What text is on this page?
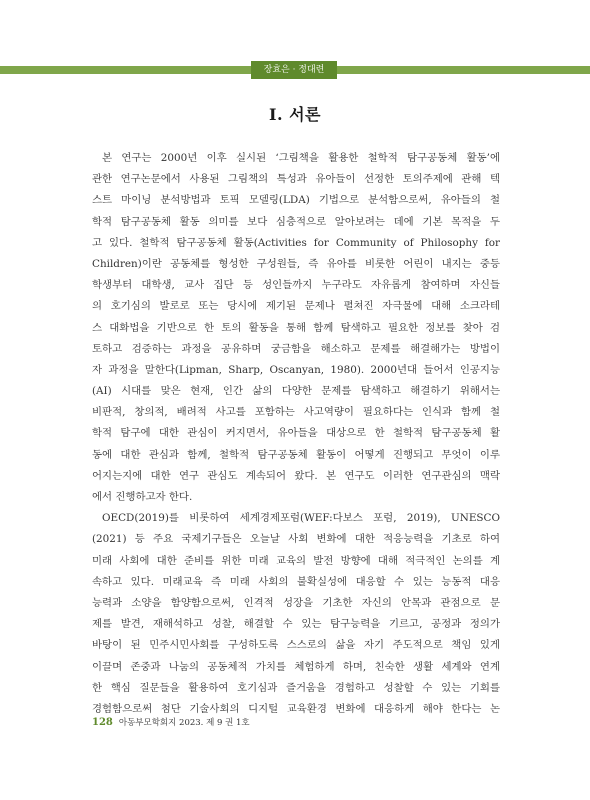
장효은 · 정대련
Ⅰ. 서론
본 연구는 2000년 이후 실시된 ‘그림책을 활용한 철학적 탐구공동체 활동’에
관한 연구논문에서 사용된 그림책의 특성과 유아들이 선정한 토의주제에 관해 텍
스트 마이닝 분석방법과 토픽 모델링(LDA) 기법으로 분석함으로써, 유아들의 철
학적 탐구공동체 활동 의미를 보다 심층적으로 알아보려는 데에 기본 목적을 두
고 있다. 철학적 탐구공동체 활동(Activities for Community of Philosophy for
Children)이란 공동체를 형성한 구성원들, 즉 유아를 비롯한 어린이 내지는 중등
학생부터 대학생, 교사 집단 등 성인들까지 누구라도 자유롭게 참여하며 자신들
의 호기심의 발로로 또는 당시에 제기된 문제나 펼쳐진 자극물에 대해 소크라테
스 대화법을 기반으로 한 토의 활동을 통해 함께 탐색하고 필요한 정보를 찾아 검
토하고 검증하는 과정을 공유하며 궁금함을 해소하고 문제를 해결해가는 방법이
자 과정을 말한다(Lipman, Sharp, Oscanyan, 1980). 2000년대 들어서 인공지능
(AI) 시대를 맞은 현재, 인간 삶의 다양한 문제를 탐색하고 해결하기 위해서는
비판적, 창의적, 배려적 사고를 포함하는 사고역량이 필요하다는 인식과 함께 철
학적 탐구에 대한 관심이 커지면서, 유아들을 대상으로 한 철학적 탐구공동체 활
동에 대한 관심과 함께, 철학적 탐구공동체 활동이 어떻게 진행되고 무엇이 이루
어지는지에 대한 연구 관심도 계속되어 왔다. 본 연구도 이러한 연구관심의 맥락
에서 진행하고자 한다.
OECD(2019)를 비롯하여 세계경제포럼(WEF:다보스 포럼, 2019), UNESCO
(2021) 등 주요 국제기구들은 오늘날 사회 변화에 대한 적응능력을 기초로 하여
미래 사회에 대한 준비를 위한 미래 교육의 발전 방향에 대해 적극적인 논의를 계
속하고 있다. 미래교육 즉 미래 사회의 불확실성에 대응할 수 있는 능동적 대응
능력과 소양을 함양함으로써, 인격적 성장을 기초한 자신의 안목과 관점으로 문
제를 발견, 재해석하고 성찰, 해결할 수 있는 탐구능력을 기르고, 공정과 정의가
바탕이 된 민주시민사회를 구성하도록 스스로의 삶을 자기 주도적으로 책임 있게
이끌며 존중과 나눔의 공동체적 가치를 체험하게 하며, 친숙한 생활 세계와 연계
한 핵심 질문들을 활용하여 호기심과 즐거움을 경험하고 성찰할 수 있는 기회를
경험함으로써 첨단 기술사회의 디지털 교육환경 변화에 대응하게 해야 한다는 논
128 아동부모학회지 2023. 제 9 권 1호
